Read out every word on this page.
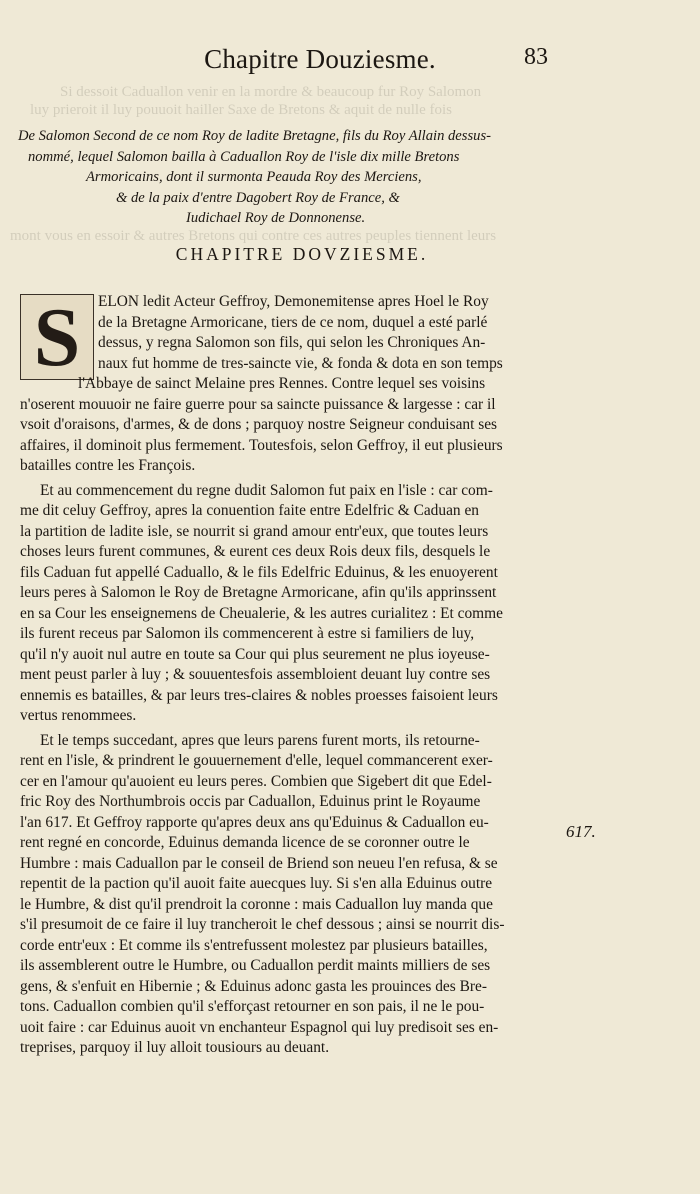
Si dessoit Caduallon venir en la mordre & beaucoup fur Roy Salomon
luy prieroit il luy pouuoit hailler Saxe de Bretons & aquit de nulle fois
mont vous en essoir & autres Bretons qui contre ces autres peuples tiennent leurs
Chapitre Douziesme.	83
De Salomon Second de ce nom Roy de ladite Bretagne, fils du Roy Allain dessus-
nommé, lequel Salomon bailla à Caduallon Roy de l'isle dix mille Bretons
Armoricains, dont il surmonta Peauda Roy des Merciens,
& de la paix d'entre Dagobert Roy de France, &
Iudichael Roy de Donnonense.
CHAPITRE DOVZIESME.
S	ELON ledit Acteur Geffroy, Demonemitense apres Hoel le Roy
de la Bretagne Armoricane, tiers de ce nom, duquel a esté parlé
dessus, y regna Salomon son fils, qui selon les Chroniques An-
naux fut homme de tres-saincte vie, & fonda & dota en son temps
l'Abbaye de sainct Melaine pres Rennes. Contre lequel ses voisins
n'oserent mouuoir ne faire guerre pour sa saincte puissance & largesse : car il
vsoit d'oraisons, d'armes, & de dons ; parquoy nostre Seigneur conduisant ses
affaires, il dominoit plus fermement. Toutesfois, selon Geffroy, il eut plusieurs
batailles contre les François.
Et au commencement du regne dudit Salomon fut paix en l'isle : car com-
me dit celuy Geffroy, apres la conuention faite entre Edelfric & Caduan en
la partition de ladite isle, se nourrit si grand amour entr'eux, que toutes leurs
choses leurs furent communes, & eurent ces deux Rois deux fils, desquels le
fils Caduan fut appellé Caduallo, & le fils Edelfric Eduinus, & les enuoyerent
leurs peres à Salomon le Roy de Bretagne Armoricane, afin qu'ils apprinssent
en sa Cour les enseignemens de Cheualerie, & les autres curialitez : Et comme
ils furent receus par Salomon ils commencerent à estre si familiers de luy,
qu'il n'y auoit nul autre en toute sa Cour qui plus seurement ne plus ioyeuse-
ment peust parler à luy ; & souuentesfois assembloient deuant luy contre ses
ennemis es batailles, & par leurs tres-claires & nobles proesses faisoient leurs
vertus renommees.
Et le temps succedant, apres que leurs parens furent morts, ils retourne-
rent en l'isle, & prindrent le gouuernement d'elle, lequel commancerent exer-
cer en l'amour qu'auoient eu leurs peres. Combien que Sigebert dit que Edel-
fric Roy des Northumbrois occis par Caduallon, Eduinus print le Royaume
l'an 617. Et Geffroy rapporte qu'apres deux ans qu'Eduinus & Caduallon eu-
rent regné en concorde, Eduinus demanda licence de se coronner outre le
Humbre : mais Caduallon par le conseil de Briend son neueu l'en refusa, & se
repentit de la paction qu'il auoit faite auecques luy. Si s'en alla Eduinus outre
le Humbre, & dist qu'il prendroit la coronne : mais Caduallon luy manda que
s'il presumoit de ce faire il luy trancheroit le chef dessous ; ainsi se nourrit dis-
corde entr'eux : Et comme ils s'entrefussent molestez par plusieurs batailles,
ils assemblerent outre le Humbre, ou Caduallon perdit maints milliers de ses
gens, & s'enfuit en Hibernie ; & Eduinus adonc gasta les prouinces des Bre-
tons. Caduallon combien qu'il s'efforçast retourner en son pais, il ne le pou-
uoit faire : car Eduinus auoit vn enchanteur Espagnol qui luy predisoit ses en-
treprises, parquoy il luy alloit tousiours au deuant.
617.
